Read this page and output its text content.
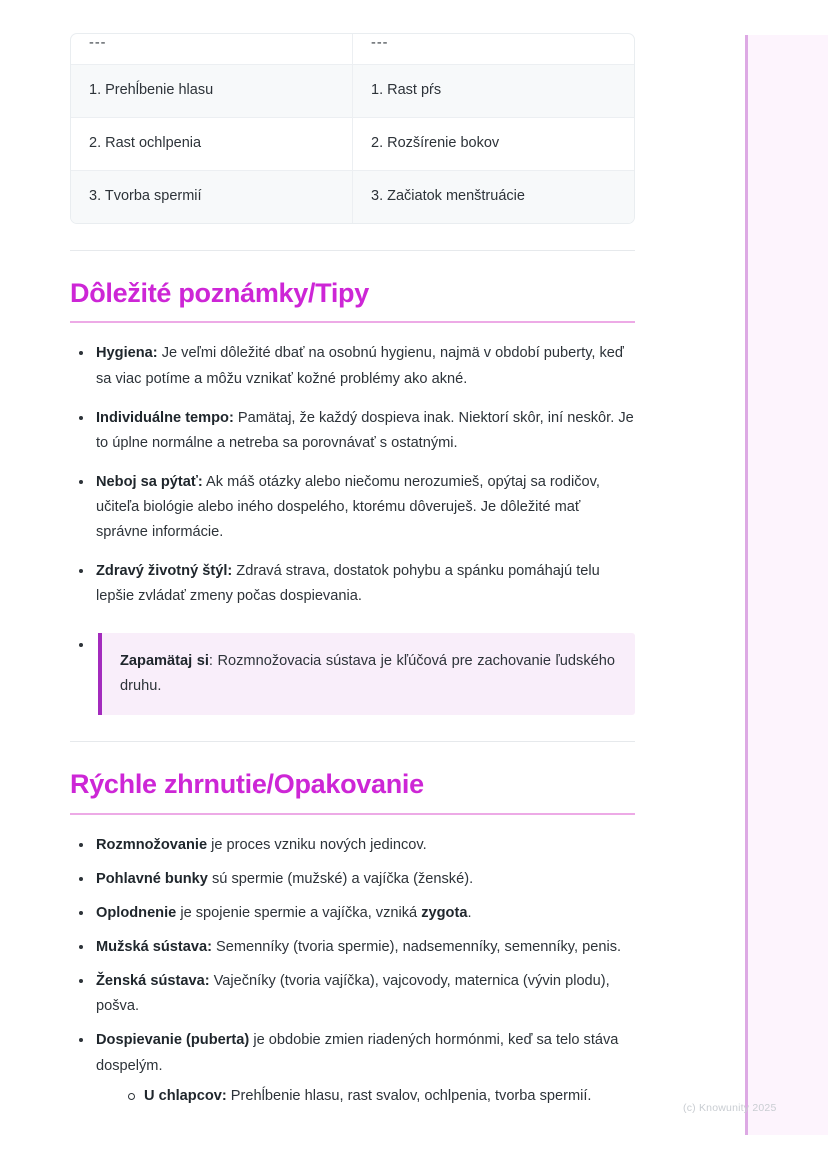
(c) Knowunity 2025
---	---
1. Prehĺbenie hlasu	1. Rast pŕs
2. Rast ochlpenia	2. Rozšírenie bokov
3. Tvorba spermií	3. Začiatok menštruácie
Dôležité poznámky/Tipy
Hygiena: Je veľmi dôležité dbať na osobnú hygienu, najmä v období puberty, keď sa viac potíme a môžu vznikať kožné problémy ako akné.
Individuálne tempo: Pamätaj, že každý dospieva inak. Niektorí skôr, iní neskôr. Je to úplne normálne a netreba sa porovnávať s ostatnými.
Neboj sa pýtať: Ak máš otázky alebo niečomu nerozumieš, opýtaj sa rodičov, učiteľa biológie alebo iného dospelého, ktorému dôveruješ. Je dôležité mať správne informácie.
Zdravý životný štýl: Zdravá strava, dostatok pohybu a spánku pomáhajú telu lepšie zvládať zmeny počas dospievania.
Zapamätaj si: Rozmnožovacia sústava je kľúčová pre zachovanie ľudského druhu.
Rýchle zhrnutie/Opakovanie
Rozmnožovanie je proces vzniku nových jedincov.
Pohlavné bunky sú spermie (mužské) a vajíčka (ženské).
Oplodnenie je spojenie spermie a vajíčka, vzniká zygota.
Mužská sústava: Semenníky (tvoria spermie), nadsemenníky, semenníky, penis.
Ženská sústava: Vaječníky (tvoria vajíčka), vajcovody, maternica (vývin plodu), pošva.
Dospievanie (puberta) je obdobie zmien riadených hormónmi, keď sa telo stáva dospelým.
U chlapcov: Prehĺbenie hlasu, rast svalov, ochlpenia, tvorba spermií.
